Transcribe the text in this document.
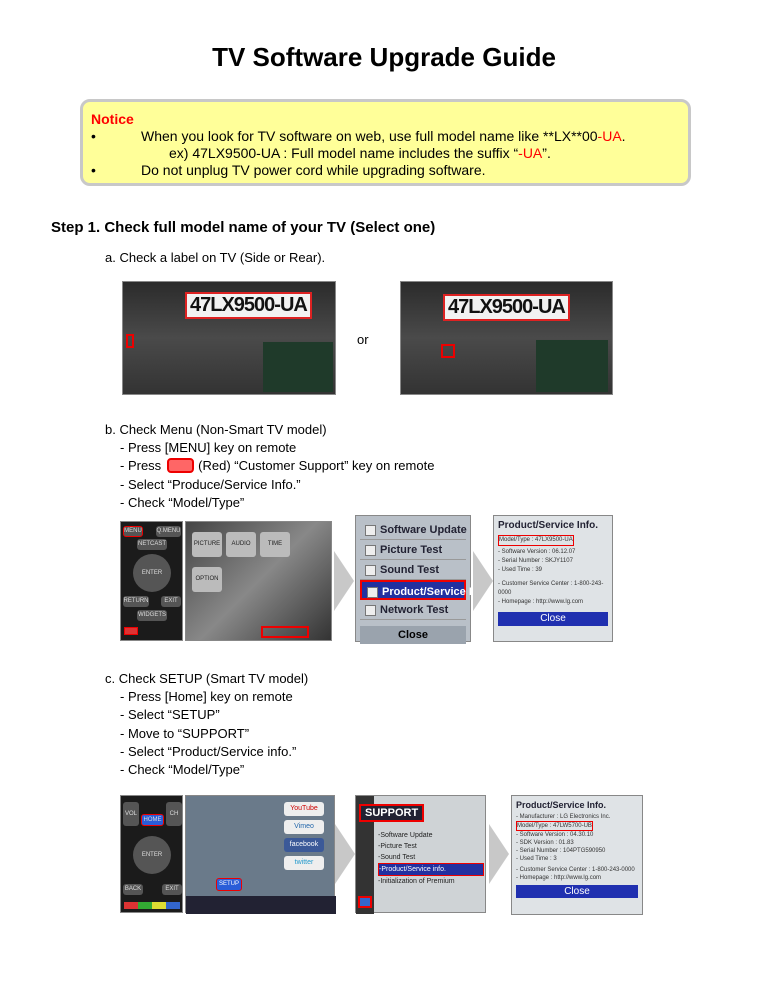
TV Software Upgrade Guide
Notice
•	When you look for TV software on web, use full model name like **LX**00-UA.
ex) 47LX9500-UA : Full model name includes the suffix “-UA”.
•	Do not unplug TV power cord while upgrading software.
Step 1. Check full model name of your TV (Select one)
a. Check a label on TV (Side or Rear).
47LX9500-UA
or
47LX9500-UA
b. Check Menu (Non-Smart TV model)
- Press [MENU] key on remote
- Press	(Red) “Customer Support” key on remote
- Select “Produce/Service Info.”
- Check “Model/Type”
MENU Q.MENU
NETCAST
ENTER
RETURN	EXIT
WIDGETS
PICTURE	AUDIO	TIME
OPTION
Software Update
Picture Test
Sound Test
Product/Service Info.
Network Test
Close
Product/Service Info.
Model/Type : 47LX9500-UA
- Software Version : 06.12.07
- Serial Number : SKJY1107
- Used Time : 39
- Customer Service Center : 1-800-243-0000
- Homepage : http://www.lg.com
Close
c. Check SETUP (Smart TV model)
- Press [Home] key on remote
- Select “SETUP”
- Move to “SUPPORT”
- Select “Product/Service info.”
- Check “Model/Type”
VOL	CH
HOME
ENTER
BACK	EXIT
YouTube
Vimeo
facebook
twitter
SETUP
SUPPORT
-Software Update
-Picture Test
-Sound Test
-Product/Service info.
-Initialization of Premium
Product/Service Info.
- Manufacturer : LG Electronics Inc.
Model/Type : 47LW5700-UB
- Software Version : 04.30.10
- SDK Version : 01.83
- Serial Number : 104PTG590950
- Used Time : 3
- Customer Service Center : 1-800-243-0000
- Homepage : http://www.lg.com
Close
